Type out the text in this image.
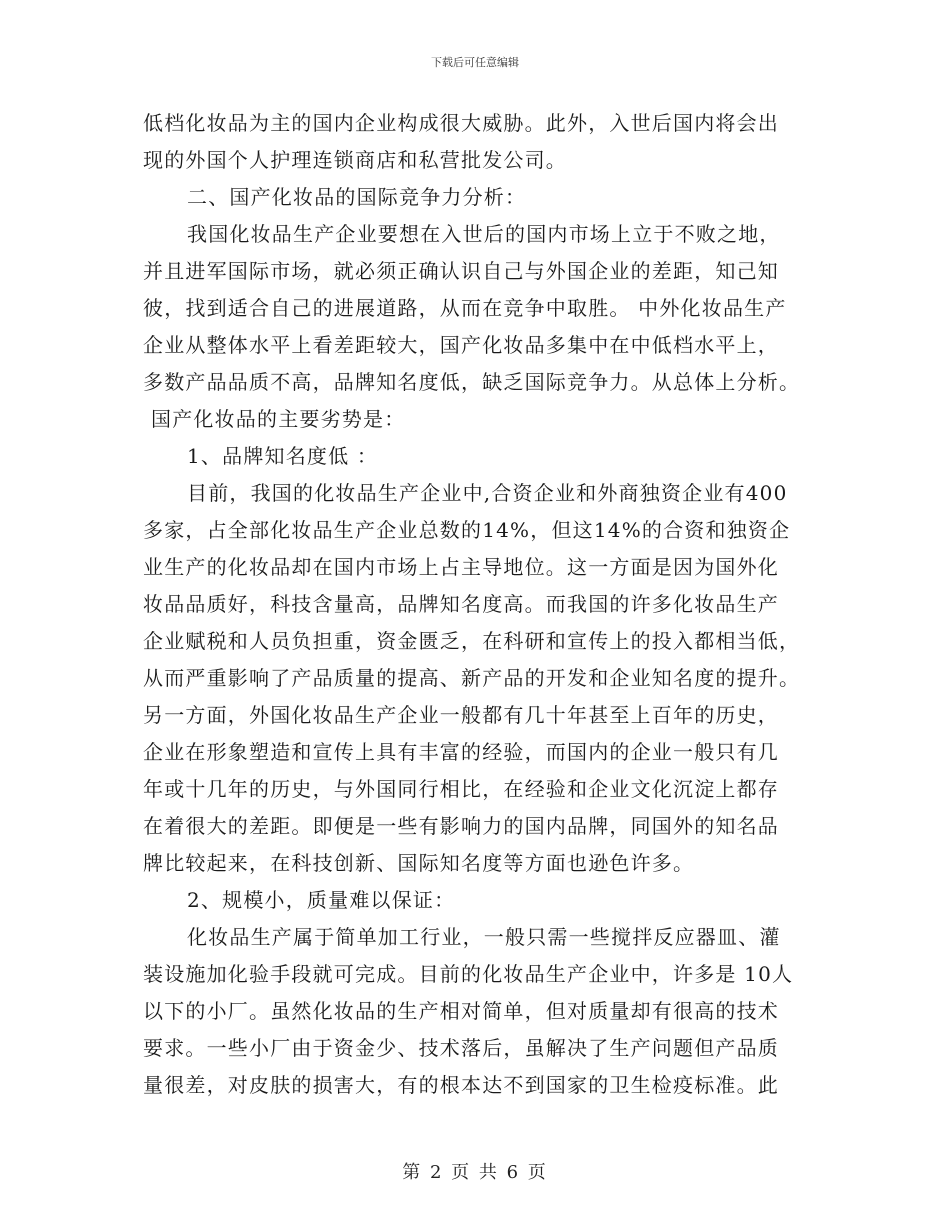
下载后可任意编辑
低档化妆品为主的国内企业构成很大威胁。此外，入世后国内将会出
现的外国个人护理连锁商店和私营批发公司。
二、国产化妆品的国际竞争力分析：
我国化妆品生产企业要想在入世后的国内市场上立于不败之地，
并且进军国际市场，就必须正确认识自己与外国企业的差距，知己知
彼，找到适合自己的进展道路，从而在竞争中取胜。 中外化妆品生产
企业从整体水平上看差距较大，国产化妆品多集中在中低档水平上，
多数产品品质不高，品牌知名度低，缺乏国际竞争力。从总体上分析。
国产化妆品的主要劣势是：
1、品牌知名度低 ：
目前，我国的化妆品生产企业中,合资企业和外商独资企业有400
多家，占全部化妆品生产企业总数的14%，但这14%的合资和独资企
业生产的化妆品却在国内市场上占主导地位。这一方面是因为国外化
妆品品质好，科技含量高，品牌知名度高。而我国的许多化妆品生产
企业赋税和人员负担重，资金匮乏，在科研和宣传上的投入都相当低，
从而严重影响了产品质量的提高、新产品的开发和企业知名度的提升。
另一方面，外国化妆品生产企业一般都有几十年甚至上百年的历史，
企业在形象塑造和宣传上具有丰富的经验，而国内的企业一般只有几
年或十几年的历史，与外国同行相比，在经验和企业文化沉淀上都存
在着很大的差距。即便是一些有影响力的国内品牌，同国外的知名品
牌比较起来，在科技创新、国际知名度等方面也逊色许多。
2、规模小，质量难以保证：
化妆品生产属于简单加工行业，一般只需一些搅拌反应器皿、灌
装设施加化验手段就可完成。目前的化妆品生产企业中，许多是 10人
以下的小厂。虽然化妆品的生产相对简单，但对质量却有很高的技术
要求。一些小厂由于资金少、技术落后，虽解决了生产问题但产品质
量很差，对皮肤的损害大，有的根本达不到国家的卫生检疫标准。此
第 2 页 共 6 页
